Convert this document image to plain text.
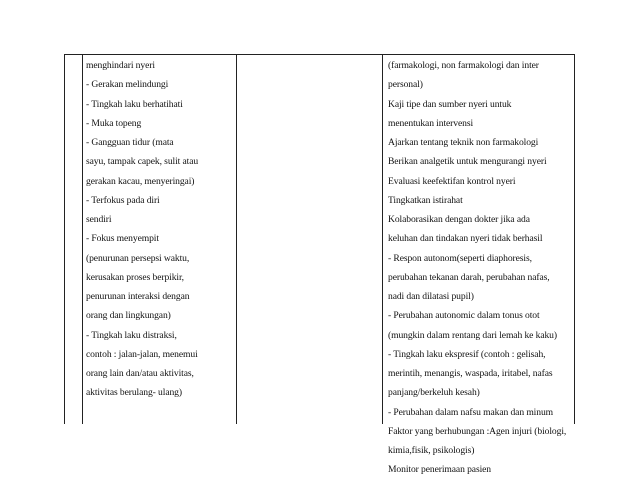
menghindari nyeri
- Gerakan melindungi
- Tingkah laku berhatihati
- Muka topeng
- Gangguan tidur (mata
sayu, tampak capek, sulit atau
gerakan kacau, menyeringai)
- Terfokus pada diri
sendiri
- Fokus menyempit
(penurunan persepsi waktu,
kerusakan proses berpikir,
penurunan interaksi dengan
orang dan lingkungan)
- Tingkah laku distraksi,
contoh : jalan-jalan, menemui
orang lain dan/atau aktivitas,
aktivitas berulang- ulang)
(farmakologi, non farmakologi dan inter
personal)
Kaji tipe dan sumber nyeri untuk
menentukan intervensi
Ajarkan tentang teknik non farmakologi
Berikan analgetik untuk mengurangi nyeri
Evaluasi keefektifan kontrol nyeri
Tingkatkan istirahat
Kolaborasikan dengan dokter jika ada
keluhan dan tindakan nyeri tidak berhasil
- Respon autonom(seperti diaphoresis,
perubahan tekanan darah, perubahan nafas,
nadi dan dilatasi pupil)
- Perubahan autonomic dalam tonus otot
(mungkin dalam rentang dari lemah ke kaku)
- Tingkah laku ekspresif (contoh : gelisah,
merintih, menangis, waspada, iritabel, nafas
panjang/berkeluh kesah)
- Perubahan dalam nafsu makan dan minum
Faktor yang berhubungan :Agen injuri (biologi,
kimia,fisik, psikologis)
Monitor penerimaan pasien
